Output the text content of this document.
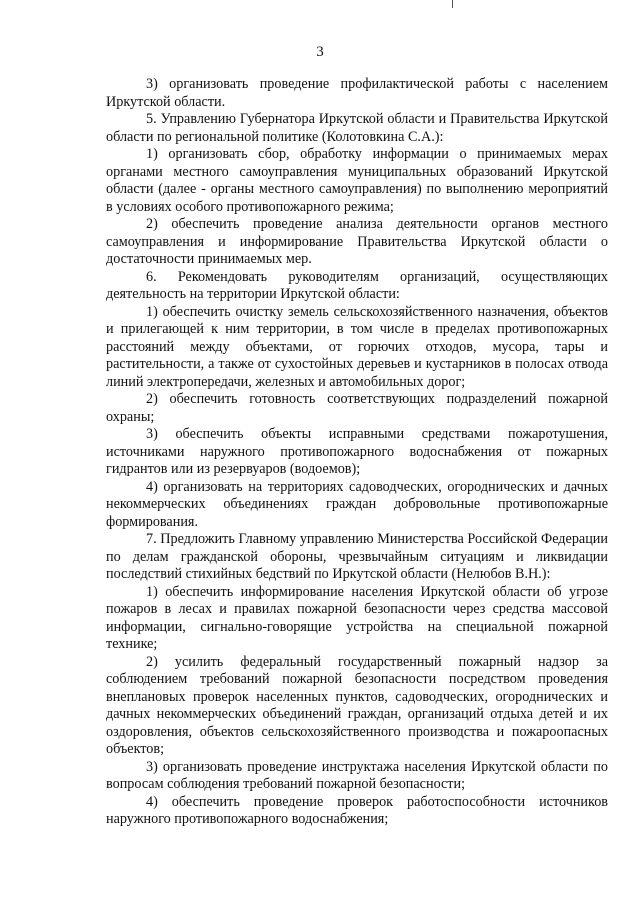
3

3) организовать проведение профилактической работы с населением Иркутской области.

5. Управлению Губернатора Иркутской области и Правительства Иркутской области по региональной политике (Колотовкина С.А.):

1) организовать сбор, обработку информации о принимаемых мерах органами местного самоуправления муниципальных образований Иркутской области (далее - органы местного самоуправления) по выполнению мероприятий в условиях особого противопожарного режима;

2) обеспечить проведение анализа деятельности органов местного самоуправления и информирование Правительства Иркутской области о достаточности принимаемых мер.

6. Рекомендовать руководителям организаций, осуществляющих деятельность на территории Иркутской области:

1) обеспечить очистку земель сельскохозяйственного назначения, объектов и прилегающей к ним территории, в том числе в пределах противопожарных расстояний между объектами, от горючих отходов, мусора, тары и растительности, а также от сухостойных деревьев и кустарников в полосах отвода линий электропередачи, железных и автомобильных дорог;

2) обеспечить готовность соответствующих подразделений пожарной охраны;

3) обеспечить объекты исправными средствами пожаротушения, источниками наружного противопожарного водоснабжения от пожарных гидрантов или из резервуаров (водоемов);

4) организовать на территориях садоводческих, огороднических и дачных некоммерческих объединениях граждан добровольные противопожарные формирования.

7. Предложить Главному управлению Министерства Российской Федерации по делам гражданской обороны, чрезвычайным ситуациям и ликвидации последствий стихийных бедствий по Иркутской области (Нелюбов В.Н.):

1) обеспечить информирование населения Иркутской области об угрозе пожаров в лесах и правилах пожарной безопасности через средства массовой информации, сигнально-говорящие устройства на специальной пожарной технике;

2) усилить федеральный государственный пожарный надзор за соблюдением требований пожарной безопасности посредством проведения внеплановых проверок населенных пунктов, садоводческих, огороднических и дачных некоммерческих объединений граждан, организаций отдыха детей и их оздоровления, объектов сельскохозяйственного производства и пожароопасных объектов;

3) организовать проведение инструктажа населения Иркутской области по вопросам соблюдения требований пожарной безопасности;

4) обеспечить проведение проверок работоспособности источников наружного противопожарного водоснабжения;
